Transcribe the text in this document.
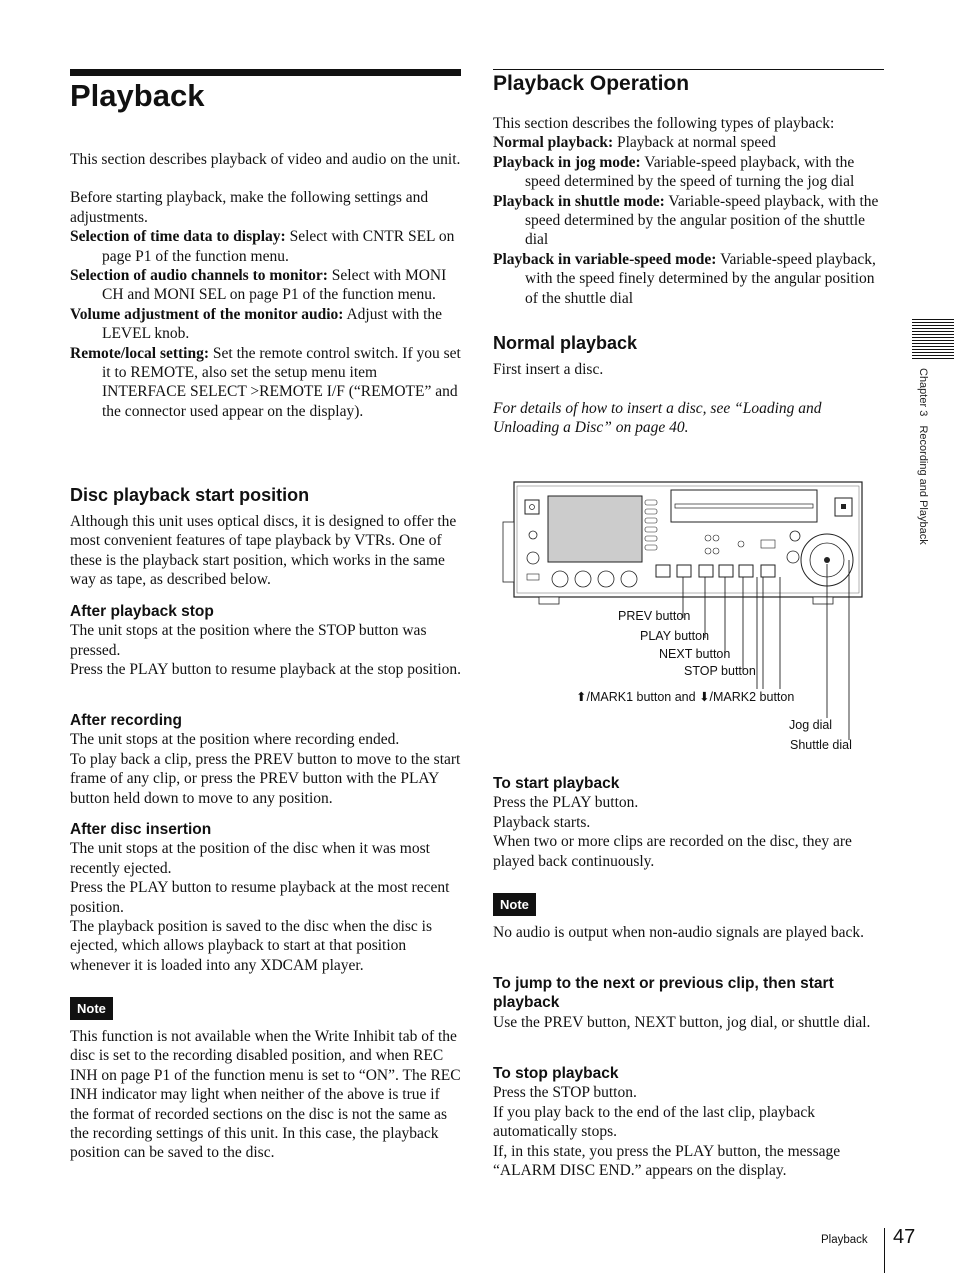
Playback

This section describes playback of video and audio on the unit.

Before starting playback, make the following settings and adjustments.

Selection of time data to display: Select with CNTR SEL on page P1 of the function menu.

Selection of audio channels to monitor: Select with MONI CH and MONI SEL on page P1 of the function menu.

Volume adjustment of the monitor audio: Adjust with the LEVEL knob.

Remote/local setting: Set the remote control switch. If you set it to REMOTE, also set the setup menu item INTERFACE SELECT >REMOTE I/F (“REMOTE” and the connector used appear on the display).

Disc playback start position

Although this unit uses optical discs, it is designed to offer the most convenient features of tape playback by VTRs. One of these is the playback start position, which works in the same way as tape, as described below.

After playback stop

The unit stops at the position where the STOP button was pressed.

Press the PLAY button to resume playback at the stop position.

After recording

The unit stops at the position where recording ended.

To play back a clip, press the PREV button to move to the start frame of any clip, or press the PREV button with the PLAY button held down to move to any position.

After disc insertion

The unit stops at the position of the disc when it was most recently ejected.

Press the PLAY button to resume playback at the most recent position.

The playback position is saved to the disc when the disc is ejected, which allows playback to start at that position whenever it is loaded into any XDCAM player.

Note

This function is not available when the Write Inhibit tab of the disc is set to the recording disabled position, and when REC INH on page P1 of the function menu is set to “ON”. The REC INH indicator may light when neither of the above is true if the format of recorded sections on the disc is not the same as the recording settings of this unit. In this case, the playback position can be saved to the disc.

Playback Operation

This section describes the following types of playback:

Normal playback: Playback at normal speed

Playback in jog mode: Variable-speed playback, with the speed determined by the speed of turning the jog dial

Playback in shuttle mode: Variable-speed playback, with the speed determined by the angular position of the shuttle dial

Playback in variable-speed mode: Variable-speed playback, with the speed finely determined by the angular position of the shuttle dial

Normal playback

First insert a disc.

For details of how to insert a disc, see “Loading and Unloading a Disc” on page 40.

PREV button
PLAY button
NEXT button
STOP button
⬆/MARK1 button and ⬇/MARK2 button
Jog dial
Shuttle dial
To start playback

Press the PLAY button.

Playback starts.

When two or more clips are recorded on the disc, they are played back continuously.

Note

No audio is output when non-audio signals are played back.

To jump to the next or previous clip, then start playback

Use the PREV button, NEXT button, jog dial, or shuttle dial.

To stop playback

Press the STOP button.

If you play back to the end of the last clip, playback automatically stops.

If, in this state, you press the PLAY button, the message “ALARM DISC END.” appears on the display.

Chapter 3   Recording and Playback
Playback 47
